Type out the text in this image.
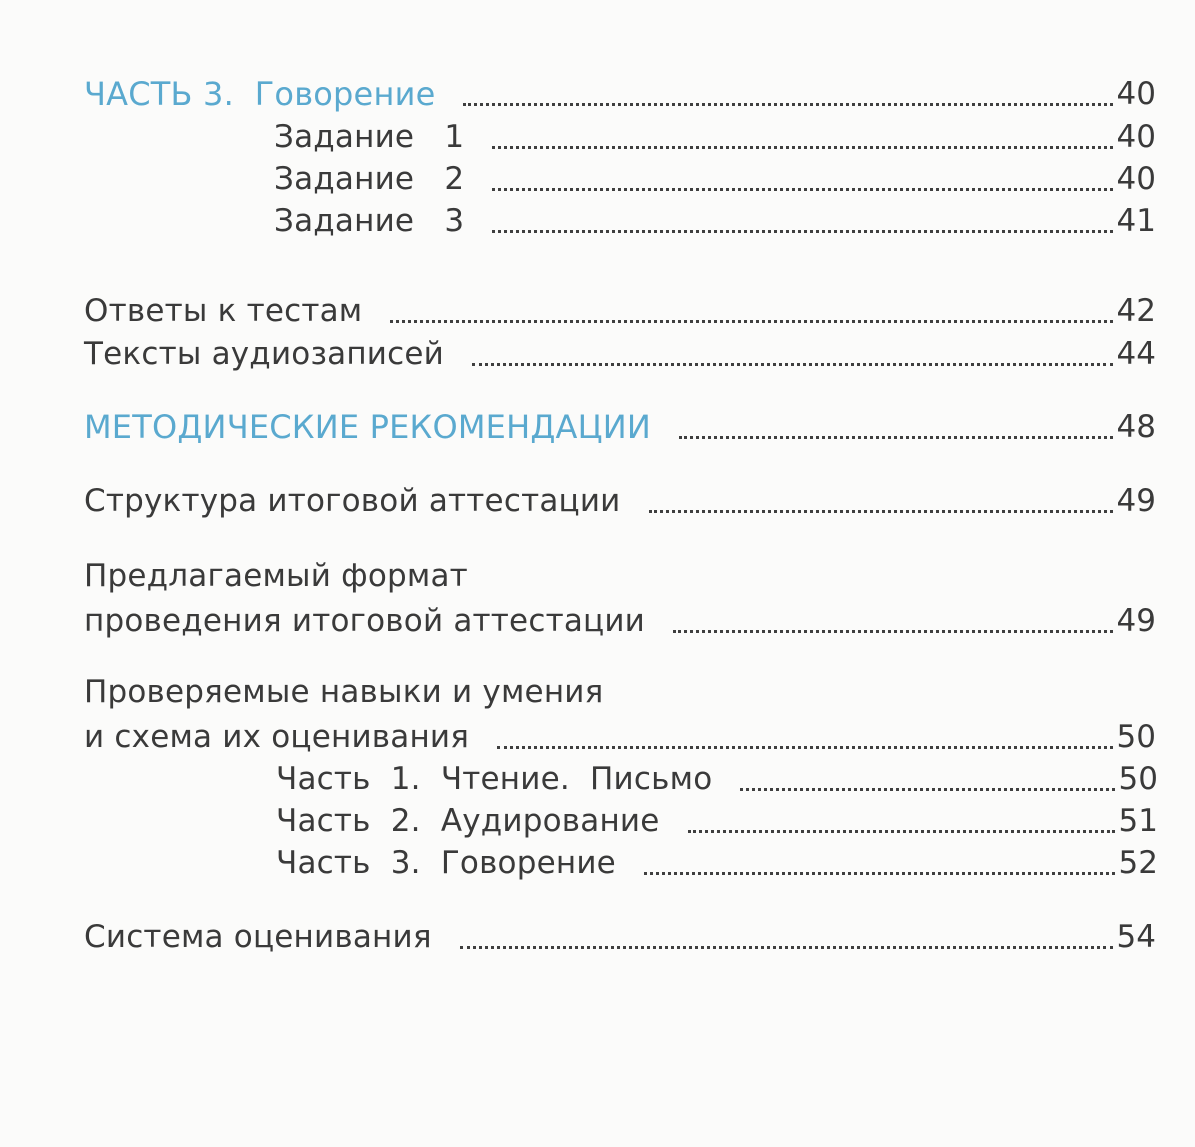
ЧАСТЬ 3.  Говорение	40
Задание   1	40
Задание   2	40
Задание   3	41
Ответы к тестам	42
Тексты аудиозаписей	44
МЕТОДИЧЕСКИЕ РЕКОМЕНДАЦИИ	48
Структура итоговой аттестации	49
Предлагаемый формат
проведения итоговой аттестации	49
Проверяемые навыки и умения
и схема их оценивания	50
Часть  1.  Чтение.  Письмо	50
Часть  2.  Аудирование	51
Часть  3.  Говорение	52
Система оценивания	54
